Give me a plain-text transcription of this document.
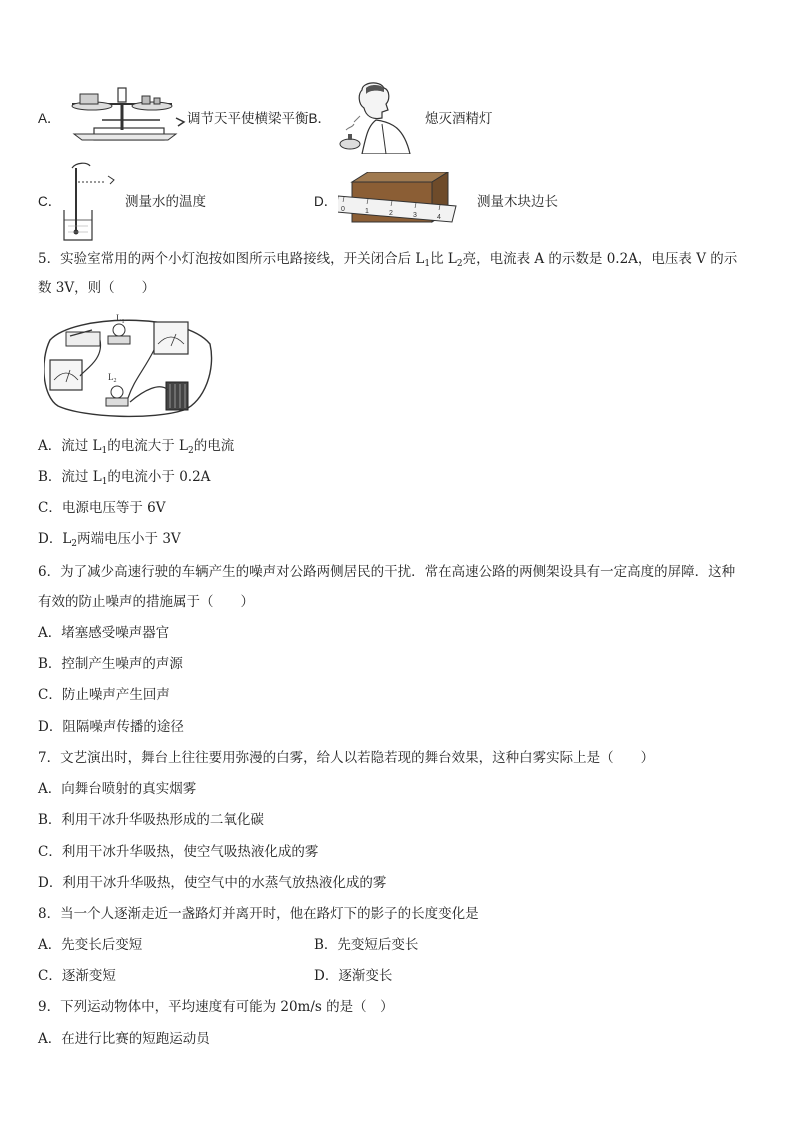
A．	调节天平使横梁平衡B．	熄灭酒精灯
C．	测量水的温度	D．
0	1	2	3	4
测量木块边长
5．实验室常用的两个小灯泡按如图所示电路接线，开关闭合后 $L_1$比 $L_2$亮，电流表 A 的示数是 0.2A，电压表 V 的示
数 3V，则（　　）
$L_1$
$L_2$
A．流过 $L_1$的电流大于 $L_2$的电流
B．流过 $L_1$的电流小于 0.2A
C．电源电压等于 6V
D．$L_2$两端电压小于 3V
6．为了减少高速行驶的车辆产生的噪声对公路两侧居民的干扰．常在高速公路的两侧架设具有一定高度的屏障．这种
有效的防止噪声的措施属于（　　）
A．堵塞感受噪声器官
B．控制产生噪声的声源
C．防止噪声产生回声
D．阻隔噪声传播的途径
7．文艺演出时，舞台上往往要用弥漫的白雾，给人以若隐若现的舞台效果，这种白雾实际上是（　　）
A．向舞台喷射的真实烟雾
B．利用干冰升华吸热形成的二氧化碳
C．利用干冰升华吸热，使空气吸热液化成的雾
D．利用干冰升华吸热，使空气中的水蒸气放热液化成的雾
8．当一个人逐渐走近一盏路灯并离开时，他在路灯下的影子的长度变化是
A．先变长后变短	B．先变短后变长
C．逐渐变短	D．逐渐变长
9．下列运动物体中，平均速度有可能为 20m/s 的是（　）
A．在进行比赛的短跑运动员
